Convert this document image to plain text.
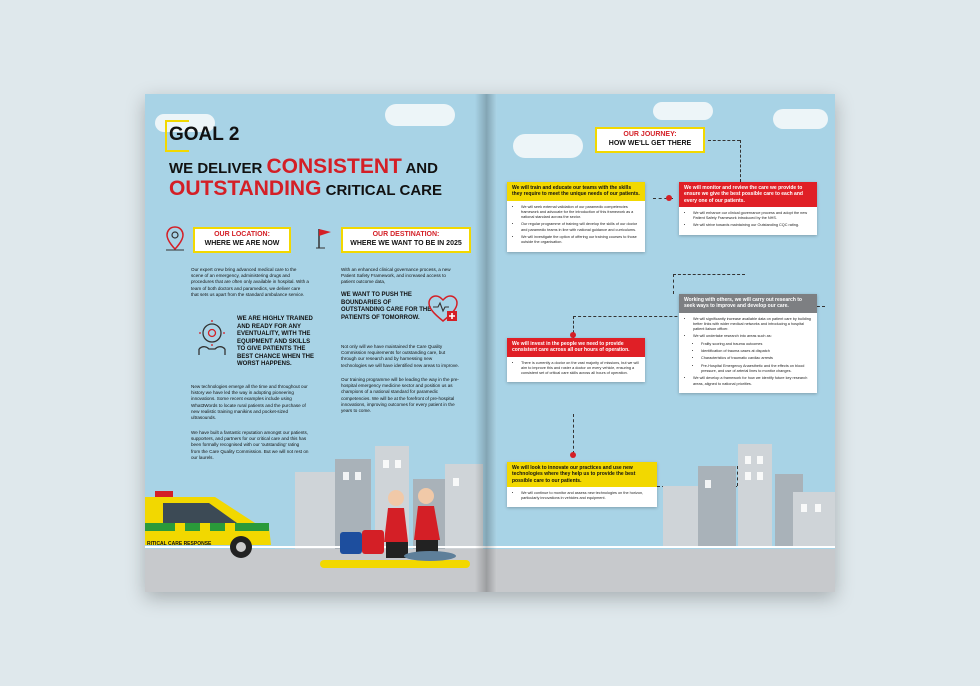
GOAL 2
WE DELIVER CONSISTENT AND
OUTSTANDING CRITICAL CARE
OUR LOCATION:
WHERE WE ARE NOW
OUR DESTINATION:
WHERE WE WANT TO BE IN 2025
Our expert crew bring advanced medical care to the scene of an emergency, administering drugs and procedures that are often only available in hospital. With a team of both doctors and paramedics, we deliver care that sets us apart from the standard ambulance service.
WE ARE HIGHLY TRAINED AND READY FOR ANY EVENTUALITY, WITH THE EQUIPMENT AND SKILLS TO GIVE PATIENTS THE BEST CHANCE WHEN THE WORST HAPPENS.
New technologies emerge all the time and throughout our history we have led the way in adopting pioneering innovations. Some recent examples include using What3Words to locate rural patients and the purchase of new realistic training manikins and pocket-sized ultrasounds.
We have built a fantastic reputation amongst our patients, supporters, and partners for our critical care and this has been formally recognised with our 'outstanding' rating from the Care Quality Commission. But we will not rest on our laurels.
With an enhanced clinical governance process, a new Patient Safety Framework, and increased access to patient outcome data,
WE WANT TO PUSH THE BOUNDARIES OF OUTSTANDING CARE FOR THE PATIENTS OF TOMORROW.
Not only will we have maintained the Care Quality Commission requirements for outstanding care, but through our research and by harnessing new technologies we will have identified new areas to improve.
Our training programme will be leading the way in the pre-hospital emergency medicine sector and position us as champions of a national standard for paramedic competencies. We will be at the forefront of pre-hospital innovations, improving outcomes for every patient in the years to come.
RITICAL CARE RESPONSE
OUR JOURNEY:
HOW WE'LL GET THERE
We will train and educate our teams with the skills they require to meet the unique needs of our patients.
• We will seek external validation of our paramedic competencies framework and advocate for the introduction of this framework as a national standard across the sector.
• Our regular programme of training will develop the skills of our doctor and paramedic teams in line with national guidance and curriculums.
• We will investigate the option of offering our training courses to those outside the organisation.
We will monitor and review the care we provide to ensure we give the best possible care to each and every one of our patients.
• We will enhance our clinical governance process and adopt the new Patient Safety Framework introduced by the NHS.
• We will strive towards maintaining our Outstanding CQC rating.
Working with others, we will carry out research to seek ways to improve and develop our care.
• We will significantly increase available data on patient care by building better links with wider medical networks and introducing a hospital patient liaison officer.
• We will undertake research into areas such as:
• Frailty scoring and trauma outcomes
• Identification of trauma cases at dispatch
• Characteristics of traumatic cardiac arrests
• Pre-Hospital Emergency Anaesthetic and the effects on blood pressure, and use of arterial lines to monitor changes.
• We will develop a framework for how we identify future key research areas, aligned to national priorities.
We will invest in the people we need to provide consistent care across all our hours of operation.
• There is currently a doctor on the vast majority of missions, but we will aim to improve this and roster a doctor on every vehicle, ensuring a consistent set of critical care skills across all hours of operation.
We will look to innovate our practices and use new technologies where they help us to provide the best possible care to our patients.
• We will continue to monitor and assess new technologies on the horizon, particularly innovations in vehicles and equipment.
